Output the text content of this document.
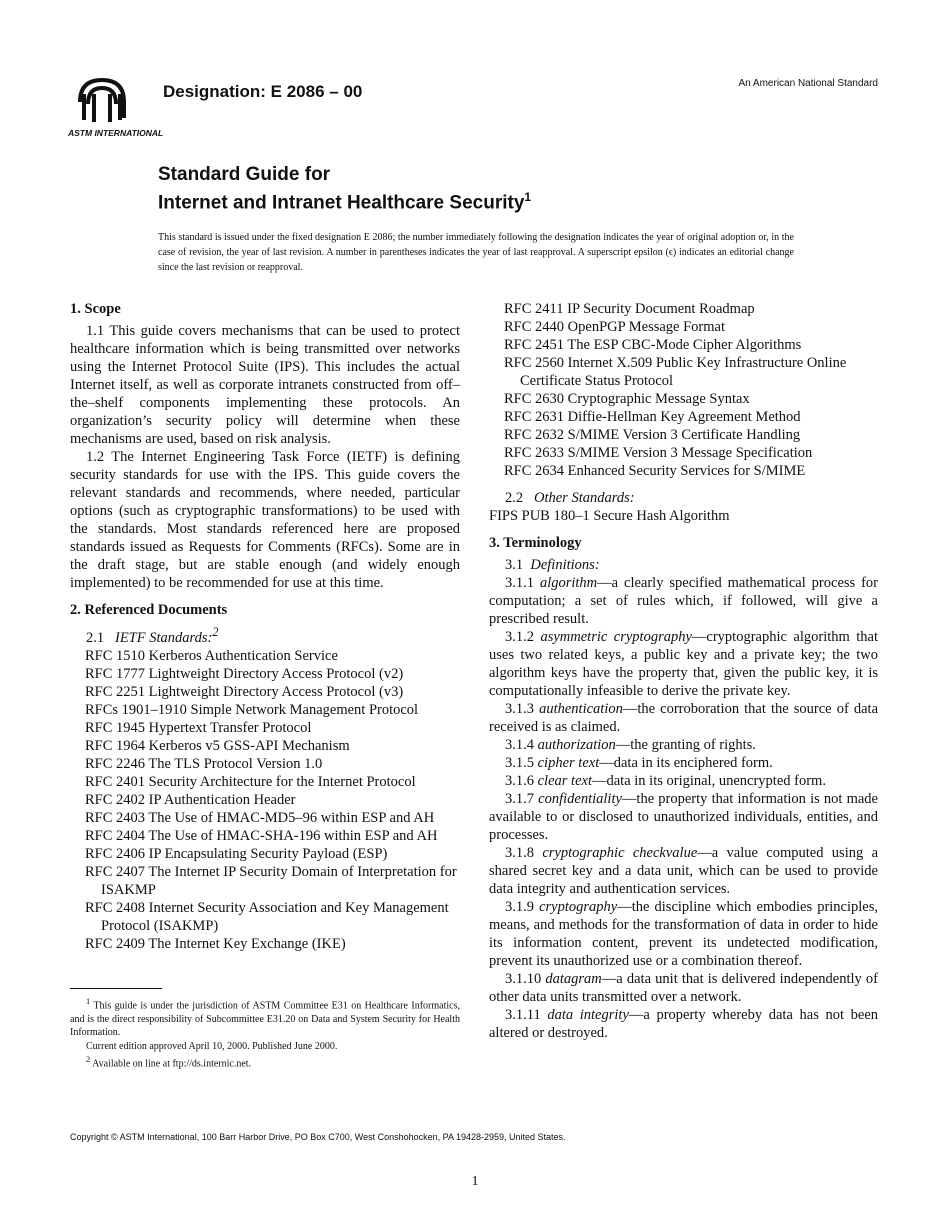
ASTM INTERNATIONAL
Designation: E 2086 – 00	An American National Standard
Standard Guide for
Internet and Intranet Healthcare Security$^1$
This standard is issued under the fixed designation E 2086; the number immediately following the designation indicates the year of original adoption or, in the case of revision, the year of last revision. A number in parentheses indicates the year of last reapproval. A superscript epsilon (ϵ) indicates an editorial change since the last revision or reapproval.

1. Scope

1.1 This guide covers mechanisms that can be used to protect healthcare information which is being transmitted over networks using the Internet Protocol Suite (IPS). This includes the actual Internet itself, as well as corporate intranets constructed from off–the–shelf components implementing these protocols. An organization’s security policy will determine when these mechanisms are used, based on risk analysis.

1.2 The Internet Engineering Task Force (IETF) is defining security standards for use with the IPS. This guide covers the relevant standards and recommends, where needed, particular options (such as cryptographic transformations) to be used with the standards. Most standards referenced here are proposed standards issued as Requests for Comments (RFCs). Some are in the draft stage, but are stable enough (and widely enough implemented) to be recommended for use at this time.

2. Referenced Documents

2.1 IETF Standards:$^2$

RFC 1510 Kerberos Authentication Service

RFC 1777 Lightweight Directory Access Protocol (v2)

RFC 2251 Lightweight Directory Access Protocol (v3)

RFCs 1901–1910 Simple Network Management Protocol

RFC 1945 Hypertext Transfer Protocol

RFC 1964 Kerberos v5 GSS-API Mechanism

RFC 2246 The TLS Protocol Version 1.0

RFC 2401 Security Architecture for the Internet Protocol

RFC 2402 IP Authentication Header

RFC 2403 The Use of HMAC-MD5–96 within ESP and AH

RFC 2404 The Use of HMAC-SHA-196 within ESP and AH

RFC 2406 IP Encapsulating Security Payload (ESP)

RFC 2407 The Internet IP Security Domain of Interpretation for ISAKMP

RFC 2408 Internet Security Association and Key Management Protocol (ISAKMP)

RFC 2409 The Internet Key Exchange (IKE)

RFC 2411 IP Security Document Roadmap

RFC 2440 OpenPGP Message Format

RFC 2451 The ESP CBC-Mode Cipher Algorithms

RFC 2560 Internet X.509 Public Key Infrastructure Online Certificate Status Protocol

RFC 2630 Cryptographic Message Syntax

RFC 2631 Diffie-Hellman Key Agreement Method

RFC 2632 S/MIME Version 3 Certificate Handling

RFC 2633 S/MIME Version 3 Message Specification

RFC 2634 Enhanced Security Services for S/MIME

2.2 Other Standards:

FIPS PUB 180–1 Secure Hash Algorithm

3. Terminology

3.1 Definitions:

3.1.1 algorithm—a clearly specified mathematical process for computation; a set of rules which, if followed, will give a prescribed result.

3.1.2 asymmetric cryptography—cryptographic algorithm that uses two related keys, a public key and a private key; the two algorithm keys have the property that, given the public key, it is computationally infeasible to derive the private key.

3.1.3 authentication—the corroboration that the source of data received is as claimed.

3.1.4 authorization—the granting of rights.

3.1.5 cipher text—data in its enciphered form.

3.1.6 clear text—data in its original, unencrypted form.

3.1.7 confidentiality—the property that information is not made available to or disclosed to unauthorized individuals, entities, and processes.

3.1.8 cryptographic checkvalue—a value computed using a shared secret key and a data unit, which can be used to provide data integrity and authentication services.

3.1.9 cryptography—the discipline which embodies principles, means, and methods for the transformation of data in order to hide its information content, prevent its undetected modification, prevent its unauthorized use or a combination thereof.

3.1.10 datagram—a data unit that is delivered independently of other data units transmitted over a network.

3.1.11 data integrity—a property whereby data has not been altered or destroyed.

$^1$ This guide is under the jurisdiction of ASTM Committee E31 on Healthcare Informatics, and is the direct responsibility of Subcommittee E31.20 on Data and System Security for Health Information.

Current edition approved April 10, 2000. Published June 2000.

$^2$ Available on line at ftp://ds.internic.net.

Copyright © ASTM International, 100 Barr Harbor Drive, PO Box C700, West Conshohocken, PA 19428-2959, United States.
1
